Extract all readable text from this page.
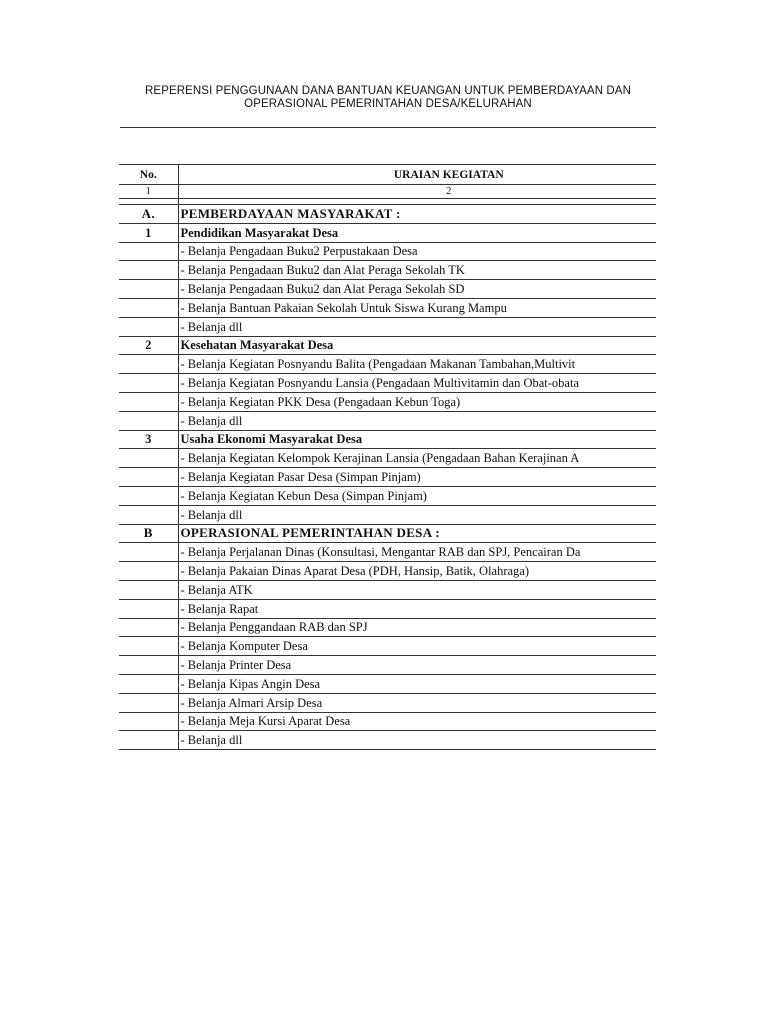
REPERENSI PENGGUNAAN DANA BANTUAN KEUANGAN UNTUK PEMBERDAYAAN DAN
OPERASIONAL PEMERINTAHAN DESA/KELURAHAN
No.	URAIAN KEGIATAN
1	2

A.	PEMBERDAYAAN MASYARAKAT :
1	Pendidikan Masyarakat Desa
	- Belanja Pengadaan Buku2 Perpustakaan Desa
	- Belanja Pengadaan Buku2 dan Alat Peraga Sekolah TK
	- Belanja Pengadaan Buku2 dan Alat Peraga Sekolah SD
	- Belanja Bantuan Pakaian Sekolah Untuk Siswa Kurang Mampu
	- Belanja dll
2	Kesehatan Masyarakat Desa
	- Belanja Kegiatan Posnyandu Balita (Pengadaan Makanan Tambahan,Multivit
	- Belanja Kegiatan Posnyandu Lansia (Pengadaan Multivitamin dan Obat-obata
	- Belanja Kegiatan PKK Desa (Pengadaan Kebun Toga)
	- Belanja dll
3	Usaha Ekonomi Masyarakat Desa
	- Belanja Kegiatan Kelompok Kerajinan Lansia (Pengadaan Bahan Kerajinan A
	- Belanja Kegiatan Pasar Desa (Simpan Pinjam)
	- Belanja Kegiatan Kebun Desa (Simpan Pinjam)
	- Belanja dll
B	OPERASIONAL PEMERINTAHAN DESA :
	- Belanja Perjalanan Dinas (Konsultasi, Mengantar RAB dan SPJ, Pencairan Da
	- Belanja Pakaian Dinas Aparat Desa (PDH, Hansip, Batik, Olahraga)
	- Belanja ATK
	- Belanja Rapat
	- Belanja Penggandaan RAB dan SPJ
	- Belanja Komputer Desa
	- Belanja Printer Desa
	- Belanja Kipas Angin Desa
	- Belanja Almari Arsip Desa
	- Belanja Meja Kursi Aparat Desa
	- Belanja dll
